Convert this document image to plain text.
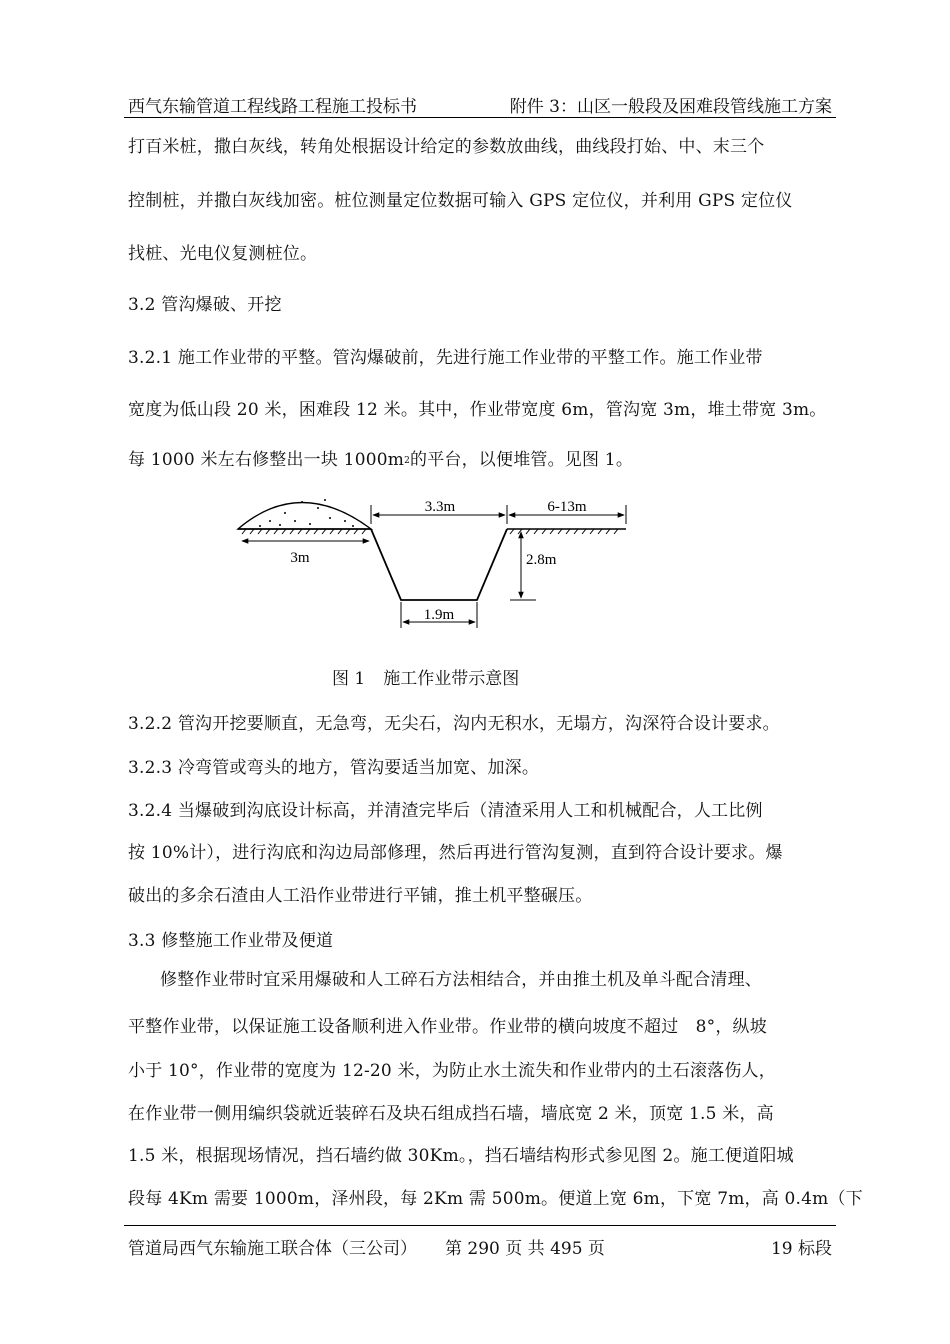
西气东输管道工程线路工程施工投标书	附件 3：山区一般段及困难段管线施工方案
打百米桩，撒白灰线，转角处根据设计给定的参数放曲线，曲线段打始、中、末三个
控制桩，并撒白灰线加密。桩位测量定位数据可输入 GPS 定位仪，并利用 GPS 定位仪
找桩、光电仪复测桩位。
3.2 管沟爆破、开挖
3.2.1 施工作业带的平整。管沟爆破前，先进行施工作业带的平整工作。施工作业带
宽度为低山段 20 米，困难段 12 米。其中，作业带宽度 6m，管沟宽 3m，堆土带宽 3m。
每 1000 米左右修整出一块 $1000m_2$的平台，以便堆管。见图 1。
3.3m	6-13m
3m	2.8m
1.9m
图 1 施工作业带示意图
3.2.2 管沟开挖要顺直，无急弯，无尖石，沟内无积水，无塌方，沟深符合设计要求。
3.2.3 冷弯管或弯头的地方，管沟要适当加宽、加深。
3.2.4 当爆破到沟底设计标高，并清渣完毕后（清渣采用人工和机械配合，人工比例
按 10%计），进行沟底和沟边局部修理，然后再进行管沟复测，直到符合设计要求。爆
破出的多余石渣由人工沿作业带进行平铺，推土机平整碾压。
3.3 修整施工作业带及便道
修整作业带时宜采用爆破和人工碎石方法相结合，并由推土机及单斗配合清理、
平整作业带，以保证施工设备顺利进入作业带。作业带的横向坡度不超过　8°，纵坡
小于 10°，作业带的宽度为 12-20 米，为防止水土流失和作业带内的土石滚落伤人，
在作业带一侧用编织袋就近装碎石及块石组成挡石墙，墙底宽 2 米，顶宽 1.5 米，高
1.5 米，根据现场情况，挡石墙约做 30Km。，挡石墙结构形式参见图 2。施工便道阳城
段每 4Km 需要 1000m，泽州段，每 2Km 需 500m。便道上宽 6m，下宽 7m，高 0.4m（下
管道局西气东输施工联合体（三公司） 第 290 页 共 495 页	19 标段
